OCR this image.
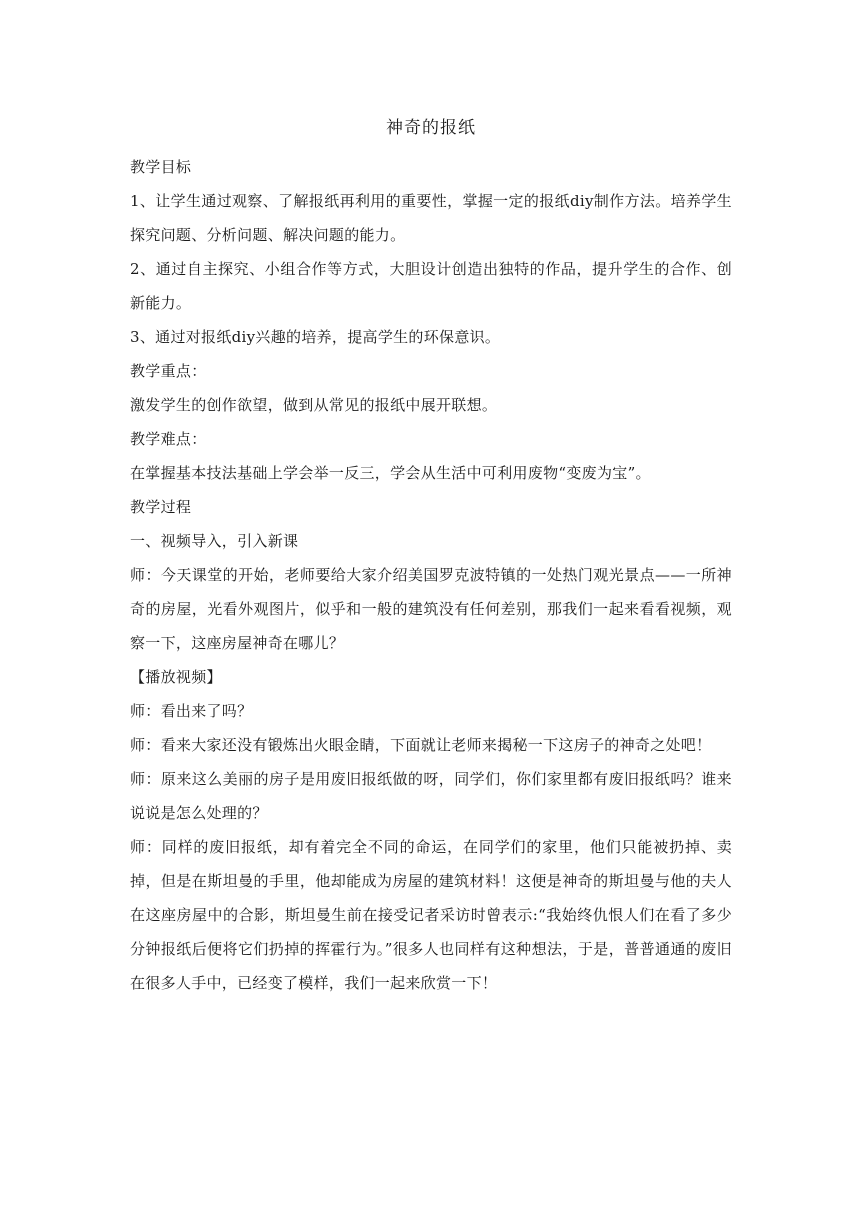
神奇的报纸

教学目标

1、让学生通过观察、了解报纸再利用的重要性，掌握一定的报纸diy制作方法。培养学生探究问题、分析问题、解决问题的能力。

2、通过自主探究、小组合作等方式，大胆设计创造出独特的作品，提升学生的合作、创新能力。

3、通过对报纸diy兴趣的培养，提高学生的环保意识。

教学重点：

激发学生的创作欲望，做到从常见的报纸中展开联想。

教学难点：

在掌握基本技法基础上学会举一反三，学会从生活中可利用废物“变废为宝”。

教学过程

一、视频导入，引入新课

师：今天课堂的开始，老师要给大家介绍美国罗克波特镇的一处热门观光景点——一所神奇的房屋，光看外观图片，似乎和一般的建筑没有任何差别，那我们一起来看看视频，观察一下，这座房屋神奇在哪儿？

【播放视频】

师：看出来了吗？

师：看来大家还没有锻炼出火眼金睛，下面就让老师来揭秘一下这房子的神奇之处吧！

师：原来这么美丽的房子是用废旧报纸做的呀，同学们，你们家里都有废旧报纸吗？谁来说说是怎么处理的？

师：同样的废旧报纸，却有着完全不同的命运，在同学们的家里，他们只能被扔掉、卖掉，但是在斯坦曼的手里，他却能成为房屋的建筑材料！这便是神奇的斯坦曼与他的夫人在这座房屋中的合影，斯坦曼生前在接受记者采访时曾表示:“我始终仇恨人们在看了多少分钟报纸后便将它们扔掉的挥霍行为。”很多人也同样有这种想法，于是，普普通通的废旧在很多人手中，已经变了模样，我们一起来欣赏一下！
